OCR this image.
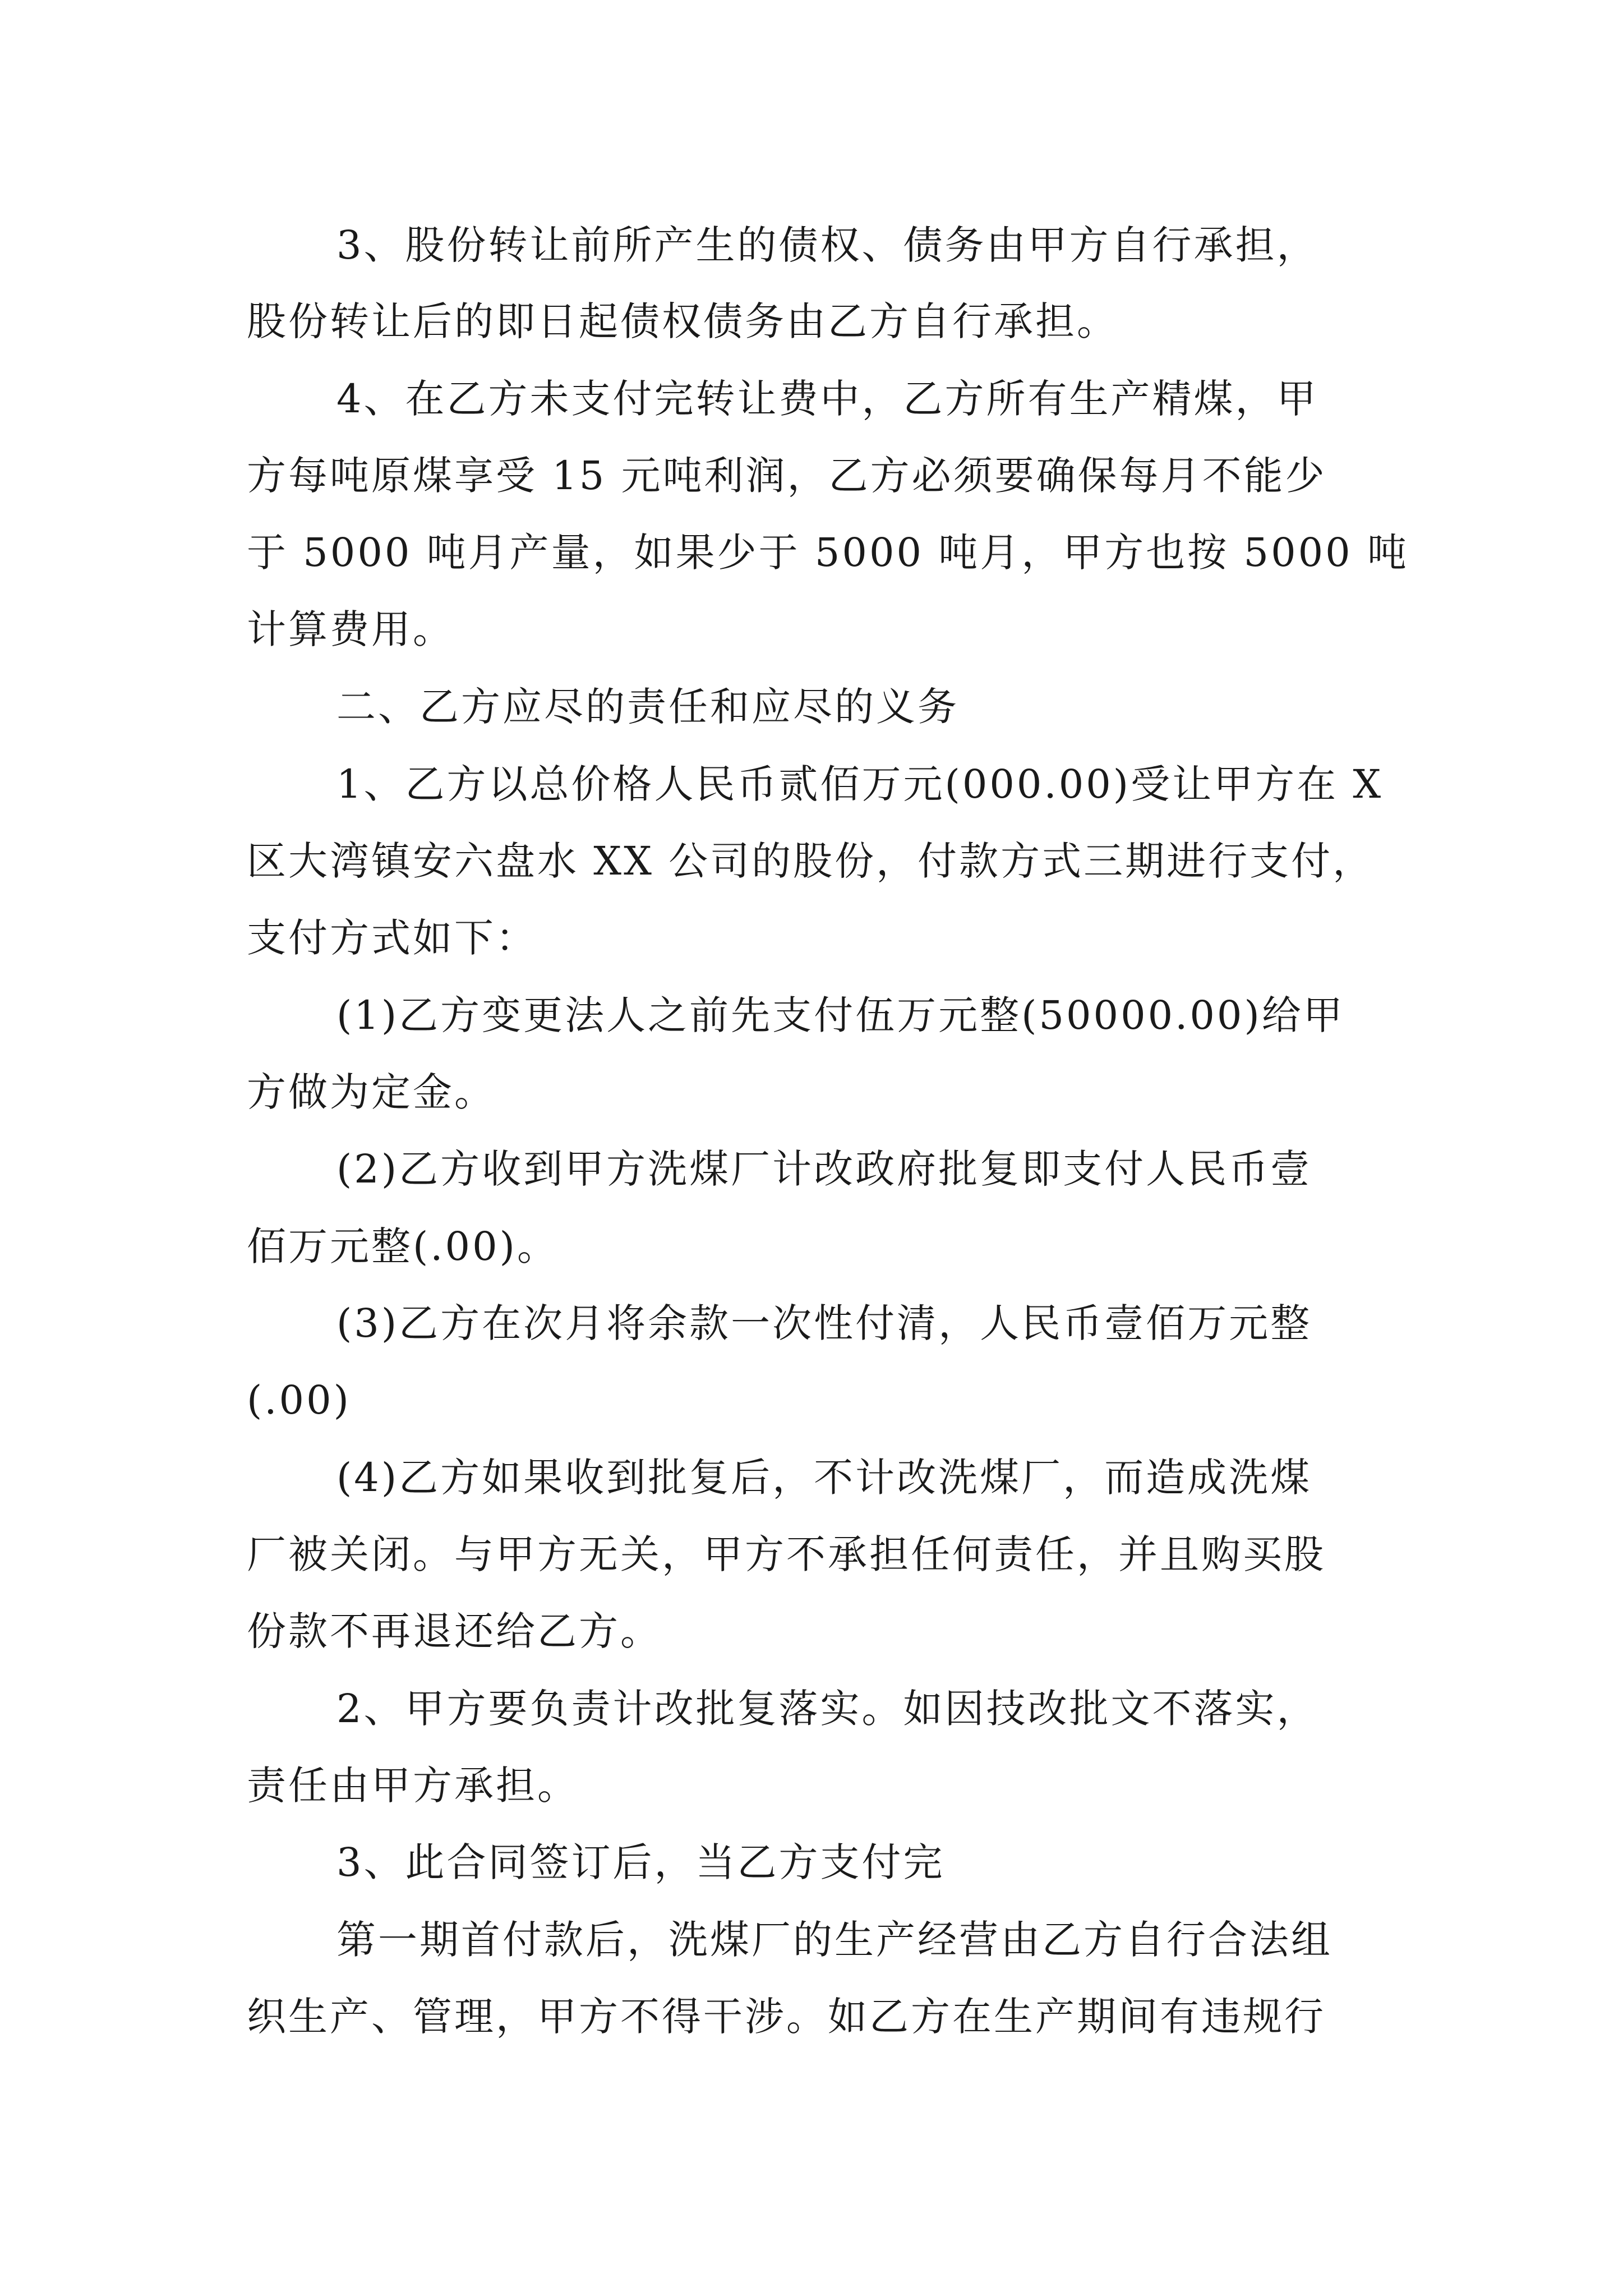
3、股份转让前所产生的债权、债务由甲方自行承担，
股份转让后的即日起债权债务由乙方自行承担。
4、在乙方未支付完转让费中，乙方所有生产精煤，甲
方每吨原煤享受 15 元吨利润，乙方必须要确保每月不能少
于 5000 吨月产量，如果少于 5000 吨月，甲方也按 5000 吨
计算费用。
二、乙方应尽的责任和应尽的义务
1、乙方以总价格人民币贰佰万元(000.00)受让甲方在 X
区大湾镇安六盘水 XX 公司的股份，付款方式三期进行支付，
支付方式如下：
(1)乙方变更法人之前先支付伍万元整(50000.00)给甲
方做为定金。
(2)乙方收到甲方洗煤厂计改政府批复即支付人民币壹
佰万元整(.00)。
(3)乙方在次月将余款一次性付清，人民币壹佰万元整
(.00)
(4)乙方如果收到批复后，不计改洗煤厂，而造成洗煤
厂被关闭。与甲方无关，甲方不承担任何责任，并且购买股
份款不再退还给乙方。
2、甲方要负责计改批复落实。如因技改批文不落实，
责任由甲方承担。
3、此合同签订后，当乙方支付完
第一期首付款后，洗煤厂的生产经营由乙方自行合法组
织生产、管理，甲方不得干涉。如乙方在生产期间有违规行
